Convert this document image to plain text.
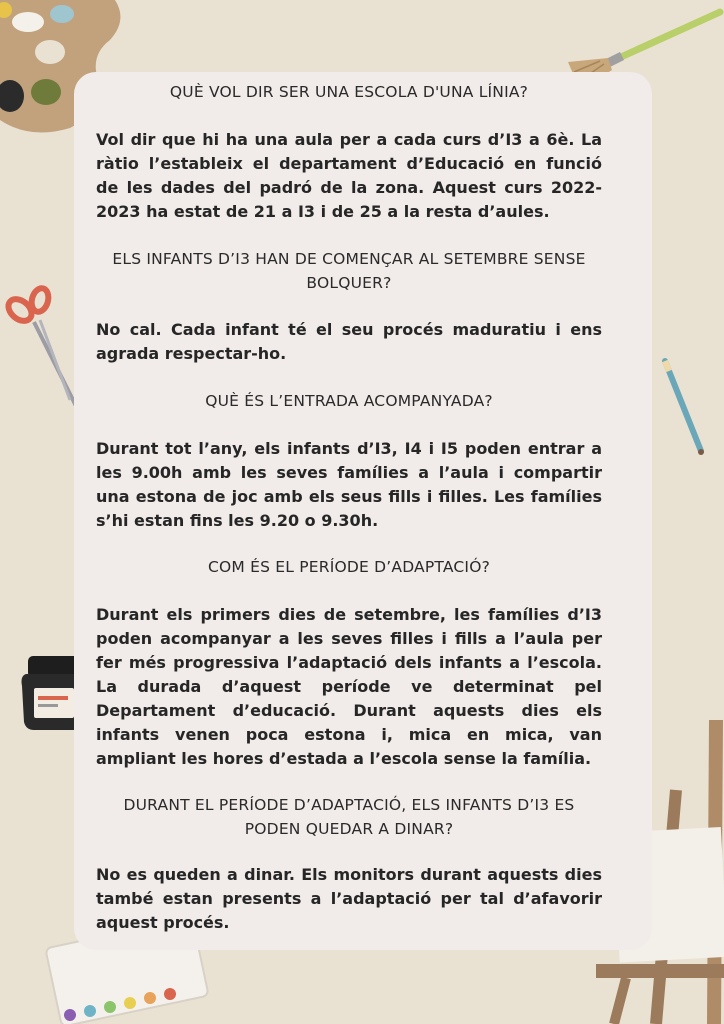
QUÈ VOL DIR SER UNA ESCOLA D'UNA LÍNIA?

Vol dir que hi ha una aula per a cada curs d’I3 a 6è. La ràtio l’estableix el departament d’Educació en funció de les dades del padró de la zona. Aquest curs 2022-2023 ha estat de 21 a I3 i de 25 a la resta d’aules.

ELS INFANTS D’I3 HAN DE COMENÇAR AL SETEMBRE SENSE BOLQUER?

No cal. Cada infant té el seu procés maduratiu i ens agrada respectar-ho.

QUÈ ÉS L’ENTRADA ACOMPANYADA?

Durant tot l’any, els infants d’I3, I4 i I5 poden entrar a les 9.00h amb les seves famílies a l’aula i compartir una estona de joc amb els seus fills i filles. Les famílies s’hi estan fins les 9.20 o 9.30h.

COM ÉS EL PERÍODE D’ADAPTACIÓ?

Durant els primers dies de setembre, les famílies d’I3 poden acompanyar a les seves filles i fills a l’aula per fer més progressiva l’adaptació dels infants a l’escola. La durada d’aquest període ve determinat pel Departament d’educació. Durant aquests dies els infants venen poca estona i, mica en mica, van ampliant les hores d’estada a l’escola sense la família.

DURANT EL PERÍODE D’ADAPTACIÓ, ELS INFANTS D’I3 ES PODEN QUEDAR A DINAR?

No es queden a dinar. Els monitors durant aquests dies també estan presents a l’adaptació per tal d’afavorir aquest procés.
